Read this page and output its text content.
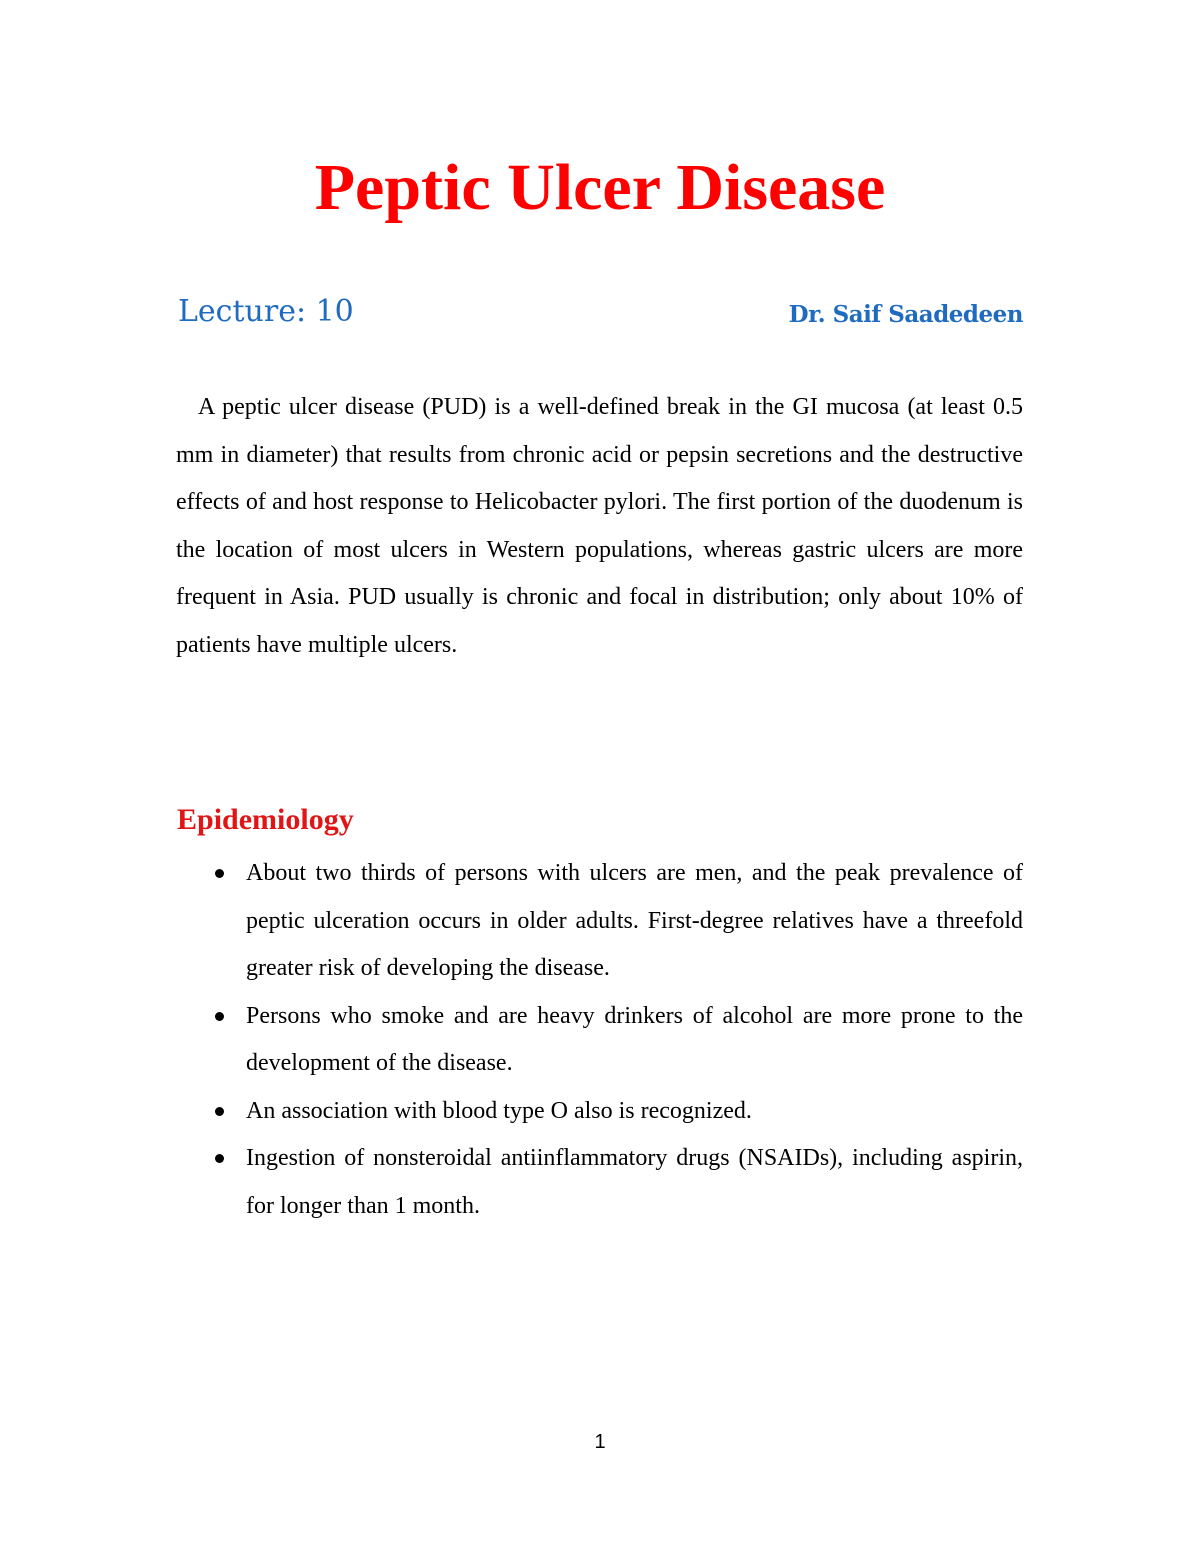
Peptic Ulcer Disease
Lecture: 10	Dr. Saif Saadedeen

A peptic ulcer disease (PUD) is a well-defined break in the GI mucosa (at least 0.5 mm in diameter) that results from chronic acid or pepsin secretions and the destructive effects of and host response to Helicobacter pylori. The first portion of the duodenum is the location of most ulcers in Western populations, whereas gastric ulcers are more frequent in Asia. PUD usually is chronic and focal in distribution; only about 10% of patients have multiple ulcers.

Epidemiology
About two thirds of persons with ulcers are men, and the peak prevalence of peptic ulceration occurs in older adults. First-degree relatives have a threefold greater risk of developing the disease.
Persons who smoke and are heavy drinkers of alcohol are more prone to the development of the disease.
An association with blood type O also is recognized.
Ingestion of nonsteroidal antiinflammatory drugs (NSAIDs), including aspirin, for longer than 1 month.
1
